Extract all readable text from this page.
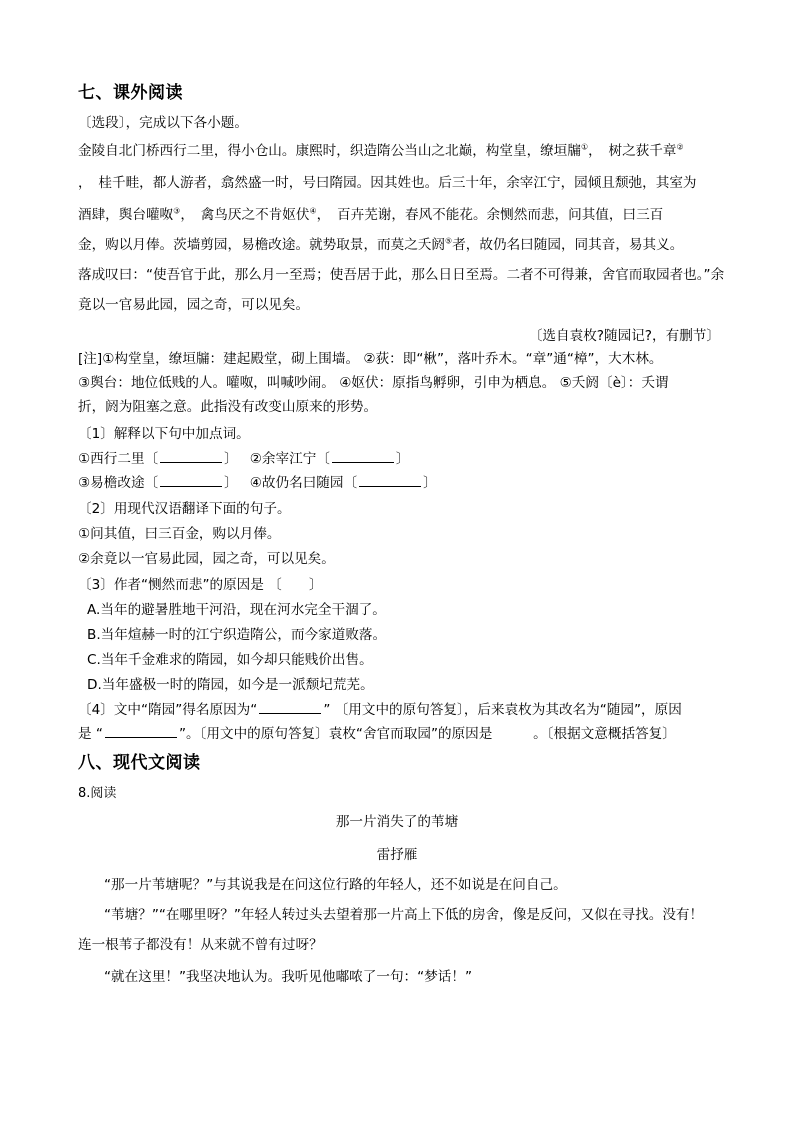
七、课外阅读
〔选段〕，完成以下各小题。
金陵自北门桥西行二里，得小仓山。康熙时，织造隋公当山之北巅，构堂皇，缭垣牖①，　树之荻千章②
，　桂千畦，都人游者，翕然盛一时，号曰隋园。因其姓也。后三十年，余宰江宁，园倾且颓弛，其室为
酒肆，舆台嚾呶③，　禽鸟厌之不肯妪伏④，　百卉芜谢，春风不能花。余恻然而悲，问其值，曰三百
金，购以月俸。茨墙剪园，易檐改途。就势取景，而莫之夭阏⑤者，故仍名曰随园，同其音，易其义。
落成叹曰：“使吾官于此，那么月一至焉；使吾居于此，那么日日至焉。二者不可得兼，舍官而取园者也。”余
竟以一官易此园，园之奇，可以见矣。
〔选自袁枚?随园记?，有删节〕
[注]①构堂皇，缭垣牖：建起殿堂，砌上围墙。 ②荻：即“楸”，落叶乔木。“章”通“樟”，大木林。
③舆台：地位低贱的人。嚾呶，叫喊吵闹。 ④妪伏：原指鸟孵卵，引申为栖息。 ⑤夭阏〔è〕：夭谓
折，阏为阻塞之意。此指没有改变山原来的形势。
〔1〕解释以下句中加点词。
①西行二里〔	〕 ②余宰江宁〔	〕
③易檐改途〔	〕 ④故仍名曰随园〔	〕
〔2〕用现代汉语翻译下面的句子。
①问其值，曰三百金，购以月俸。
②余竟以一官易此园，园之奇，可以见矣。
〔3〕作者“恻然而悲”的原因是 〔　　〕
A.当年的避暑胜地干河沿，现在河水完全干涸了。
B.当年煊赫一时的江宁织造隋公，而今家道败落。
C.当年千金难求的隋园，如今却只能贱价出售。
D.当年盛极一时的隋园，如今是一派颓圮荒芜。
〔4〕文中“隋园”得名原因为“	” 〔用文中的原句答复〕，后来袁枚为其改名为“随园”，原因
是 “	”。〔用文中的原句答复〕袁枚“舍官而取园”的原因是　　　。〔根据文意概括答复〕
八、现代文阅读
8.阅读
那一片消失了的苇塘
雷抒雁
“那一片苇塘呢？”与其说我是在问这位行路的年轻人，还不如说是在问自己。
“苇塘？”“在哪里呀？”年轻人转过头去望着那一片高上下低的房舍，像是反问，又似在寻找。没有！
连一根苇子都没有！从来就不曾有过呀？
“就在这里！”我坚决地认为。我听见他嘟哝了一句：“梦话！”
